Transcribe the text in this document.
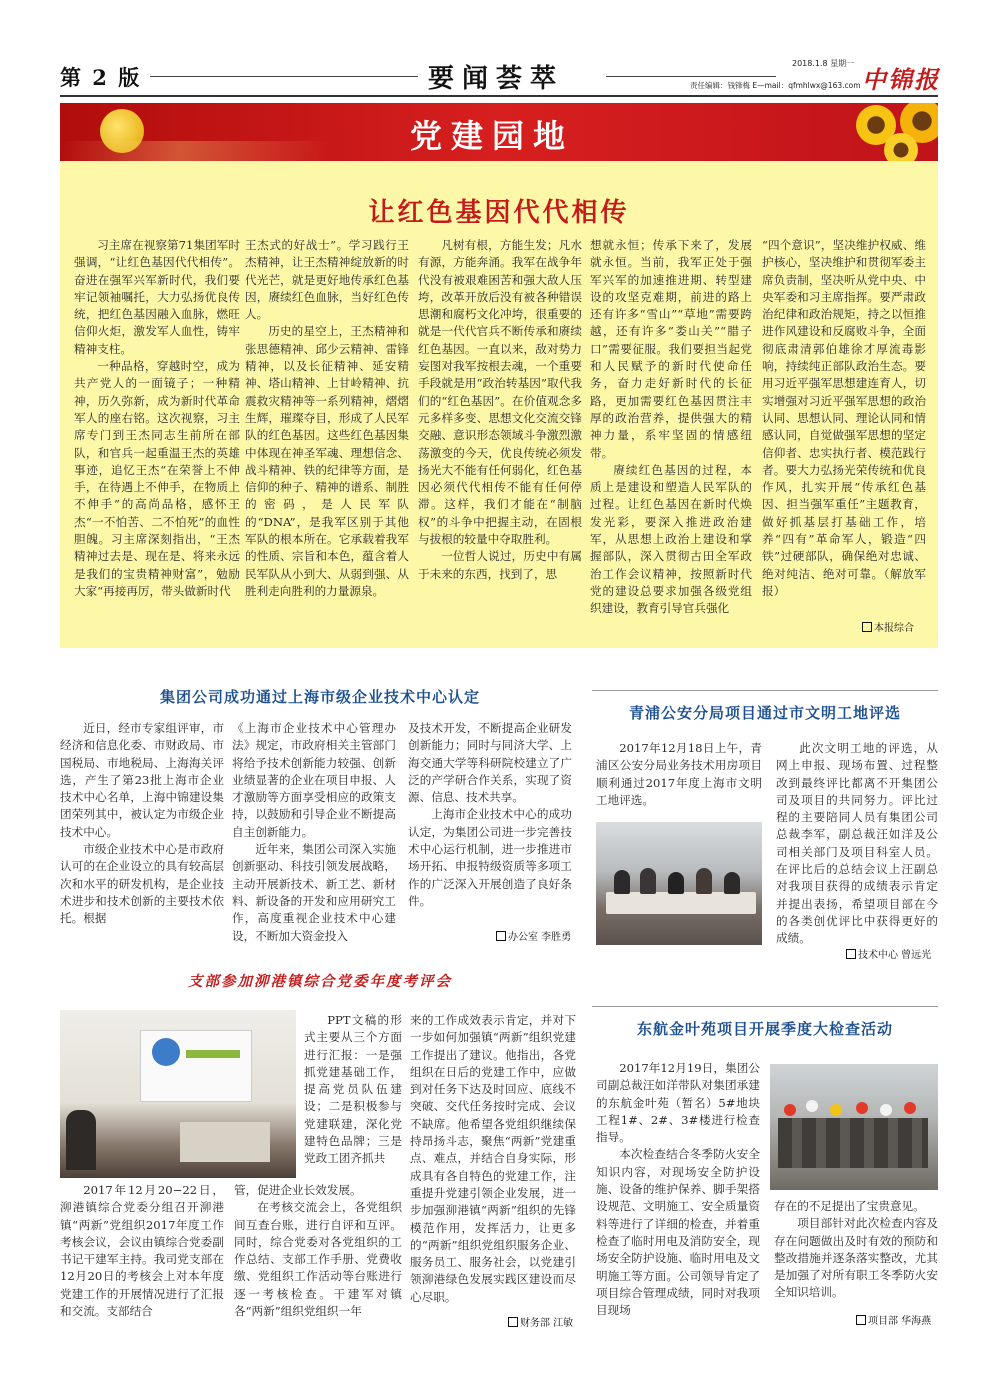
第 2 版	要闻荟萃
2018.1.8 星期一
责任编辑：钱锋梅 E—mail：qfmhlwx@163.com 中锦报
党建园地
让红色基因代代相传

习主席在视察第71集团军时强调，“让红色基因代代相传”。奋进在强军兴军新时代，我们要牢记领袖嘱托，大力弘扬优良传统，把红色基因融入血脉，燃旺信仰火炬，激发军人血性，铸牢精神支柱。

一种品格，穿越时空，成为共产党人的一面镜子；一种精神，历久弥新，成为新时代革命军人的座右铭。这次视察，习主席专门到王杰同志生前所在部队，和官兵一起重温王杰的英雄事迹，追忆王杰“在荣誉上不伸手，在待遇上不伸手，在物质上不伸手”的高尚品格，感怀王杰“一不怕苦、二不怕死”的血性胆魄。习主席深刻指出，“王杰精神过去是、现在是、将来永远是我们的宝贵精神财富”，勉励大家“再接再厉，带头做新时代

王杰式的好战士”。学习践行王杰精神，让王杰精神绽放新的时代光芒，就是更好地传承红色基因，赓续红色血脉，当好红色传人。

历史的星空上，王杰精神和张思德精神、邱少云精神、雷锋精神，以及长征精神、延安精神、塔山精神、上甘岭精神、抗震救灾精神等一系列精神，熠熠生辉，璀璨夺目，形成了人民军队的红色基因。这些红色基因集中体现在神圣军魂、理想信念、战斗精神、铁的纪律等方面，是信仰的种子、精神的谱系、制胜的密码，是人民军队的“DNA”，是我军区别于其他军队的根本所在。它承载着我军的性质、宗旨和本色，蕴含着人民军队从小到大、从弱到强、从胜利走向胜利的力量源泉。

凡树有根，方能生发；凡水有源，方能奔涌。我军在战争年代没有被艰难困苦和强大敌人压垮，改革开放后没有被各种错误思潮和腐朽文化冲垮，很重要的就是一代代官兵不断传承和赓续红色基因。一直以来，敌对势力妄图对我军按根去魂，一个重要手段就是用“政治转基因”取代我们的“红色基因”。在价值观念多元多样多变、思想文化交流交锋交融、意识形态领域斗争激烈激荡激变的今天，优良传统必须发扬光大不能有任何弱化，红色基因必须代代相传不能有任何停滞。这样，我们才能在“制脑权”的斗争中把握主动，在固根与拔根的较量中夺取胜利。

一位哲人说过，历史中有属于未来的东西，找到了，思

想就永恒；传承下来了，发展就永恒。当前，我军正处于强军兴军的加速推进期、转型建设的攻坚克难期，前进的路上还有许多“雪山”“草地”需要跨越，还有许多“娄山关”“腊子口”需要征服。我们要担当起党和人民赋予的新时代使命任务，奋力走好新时代的长征路，更加需要红色基因贯注丰厚的政治营养，提供强大的精神力量，系牢坚固的情感纽带。

赓续红色基因的过程，本质上是建设和塑造人民军队的过程。让红色基因在新时代焕发光彩，要深入推进政治建军，从思想上政治上建设和掌握部队，深入贯彻古田全军政治工作会议精神，按照新时代党的建设总要求加强各级党组织建设，教育引导官兵强化

“四个意识”，坚决维护权威、维护核心，坚决维护和贯彻军委主席负责制，坚决听从党中央、中央军委和习主席指挥。要严肃政治纪律和政治规矩，持之以恒推进作风建设和反腐败斗争，全面彻底肃清郭伯雄徐才厚流毒影响，持续纯正部队政治生态。要用习近平强军思想建连育人，切实增强对习近平强军思想的政治认同、思想认同、理论认同和情感认同，自觉做强军思想的坚定信仰者、忠实执行者、模范践行者。要大力弘扬光荣传统和优良作风，扎实开展“传承红色基因、担当强军重任”主题教育，做好抓基层打基础工作，培养“四有”革命军人，锻造“四铁”过硬部队，确保绝对忠诚、绝对纯洁、绝对可靠。（解放军报）

本报综合
集团公司成功通过上海市级企业技术中心认定

近日，经市专家组评审，市经济和信息化委、市财政局、市国税局、市地税局、上海海关评选，产生了第23批上海市企业技术中心名单，上海中锦建设集团荣列其中，被认定为市级企业技术中心。

市级企业技术中心是市政府认可的在企业设立的具有较高层次和水平的研发机构，是企业技术进步和技术创新的主要技术依托。根据

《上海市企业技术中心管理办法》规定，市政府相关主管部门将给予技术创新能力较强、创新业绩显著的企业在项目申报、人才激励等方面享受相应的政策支持，以鼓励和引导企业不断提高自主创新能力。

近年来，集团公司深入实施创新驱动、科技引领发展战略，主动开展新技术、新工艺、新材料、新设备的开发和应用研究工作，高度重视企业技术中心建设，不断加大资金投入

及技术开发，不断提高企业研发创新能力；同时与同济大学、上海交通大学等科研院校建立了广泛的产学研合作关系，实现了资源、信息、技术共享。

上海市企业技术中心的成功认定，为集团公司进一步完善技术中心运行机制，进一步推进市场开拓、申报特级资质等多项工作的广泛深入开展创造了良好条件。

办公室 李胜勇
青浦公安分局项目通过市文明工地评选

2017年12月18日上午，青浦区公安分局业务技术用房项目顺利通过2017年度上海市文明工地评选。

此次文明工地的评选，从网上申报、现场布置、过程整改到最终评比都离不开集团公司及项目的共同努力。评比过程的主要陪同人员有集团公司总裁李军，副总裁汪如洋及公司相关部门及项目科室人员。在评比后的总结会议上汪副总对我项目获得的成绩表示肯定并提出表扬，希望项目部在今的各类创优评比中获得更好的成绩。

技术中心 曾远光
支部参加泖港镇综合党委年度考评会

PPT文稿的形式主要从三个方面进行汇报：一是强抓党建基础工作，提高党员队伍建设；二是积极参与党建联建，深化党建特色品牌；三是党政工团齐抓共

2017年12月20−22日，泖港镇综合党委分组召开泖港镇“两新”党组织2017年度工作考核会议，会议由镇综合党委副书记干建军主持。我司党支部在12月20日的考核会上对本年度党建工作的开展情况进行了汇报和交流。支部结合

管，促进企业长效发展。

在考核交流会上，各党组织间互查台账，进行自评和互评。同时，综合党委对各党组织的工作总结、支部工作手册、党费收缴、党组织工作活动等台账进行逐一考核检查。干建军对镇各“两新”组织党组织一年

来的工作成效表示肯定，并对下一步如何加强镇“两新”组织党建工作提出了建议。他指出，各党组织在日后的党建工作中，应做到对任务下达及时回应、底线不突破、交代任务按时完成、会议不缺席。他希望各党组织继续保持昂扬斗志，聚焦“两新”党建重点、难点，并结合自身实际，形成具有各自特色的党建工作，注重提升党建引领企业发展，进一步加强泖港镇“两新”组织的先锋模范作用，发挥活力，让更多的“两新”组织党组织服务企业、服务员工、服务社会，以党建引领泖港绿色发展实践区建设而尽心尽职。

财务部 江敏
东航金叶苑项目开展季度大检查活动

2017年12月19日，集团公司副总裁汪如洋带队对集团承建的东航金叶苑（暂名）5#地块工程1#、2#、3#楼进行检查指导。

本次检查结合冬季防火安全知识内容，对现场安全防护设施、设备的维护保养、脚手架搭设规范、文明施工、安全质量资料等进行了详细的检查，并着重检查了临时用电及消防安全，现场安全防护设施、临时用电及文明施工等方面。公司领导肯定了项目综合管理成绩，同时对我项目现场

存在的不足提出了宝贵意见。

项目部针对此次检查内容及存在问题做出及时有效的预防和整改措施并逐条落实整改，尤其是加强了对所有职工冬季防火安全知识培训。

项目部 华海燕
